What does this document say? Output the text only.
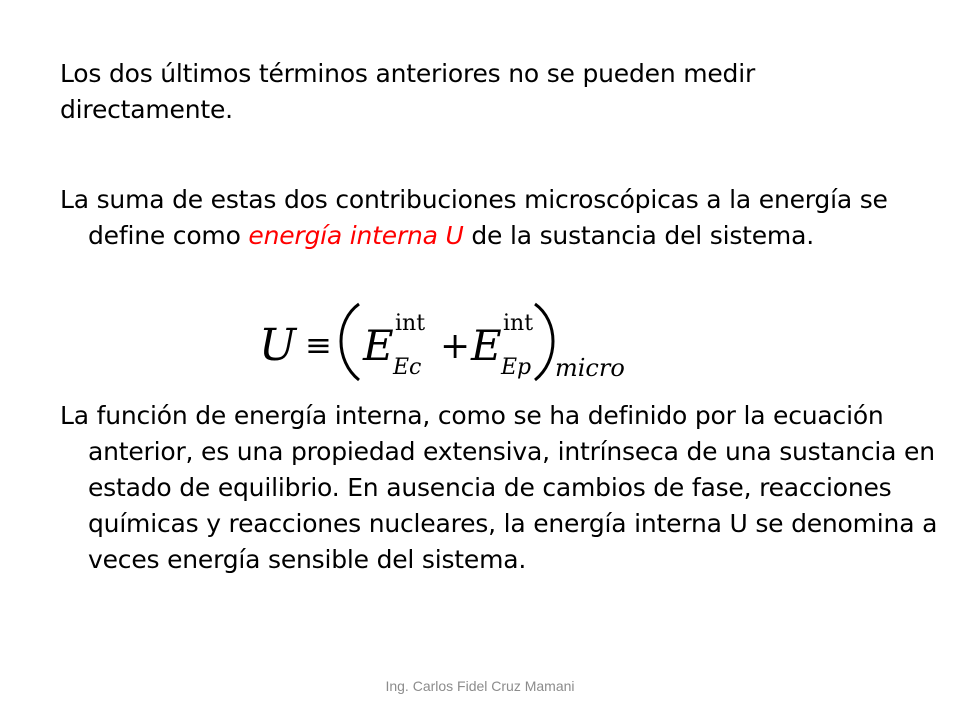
Los dos últimos términos anteriores no se pueden medir directamente.

La suma de estas dos contribuciones microscópicas a la energía se define como energía interna U de la sustancia del sistema.

U ≡ E int
Ec
+ E int
Ep micro

La función de energía interna, como se ha definido por la ecuación anterior, es una propiedad extensiva, intrínseca de una sustancia en estado de equilibrio. En ausencia de cambios de fase, reacciones químicas y reacciones nucleares, la energía interna U se denomina a veces energía sensible del sistema.

Ing. Carlos Fidel Cruz Mamani
